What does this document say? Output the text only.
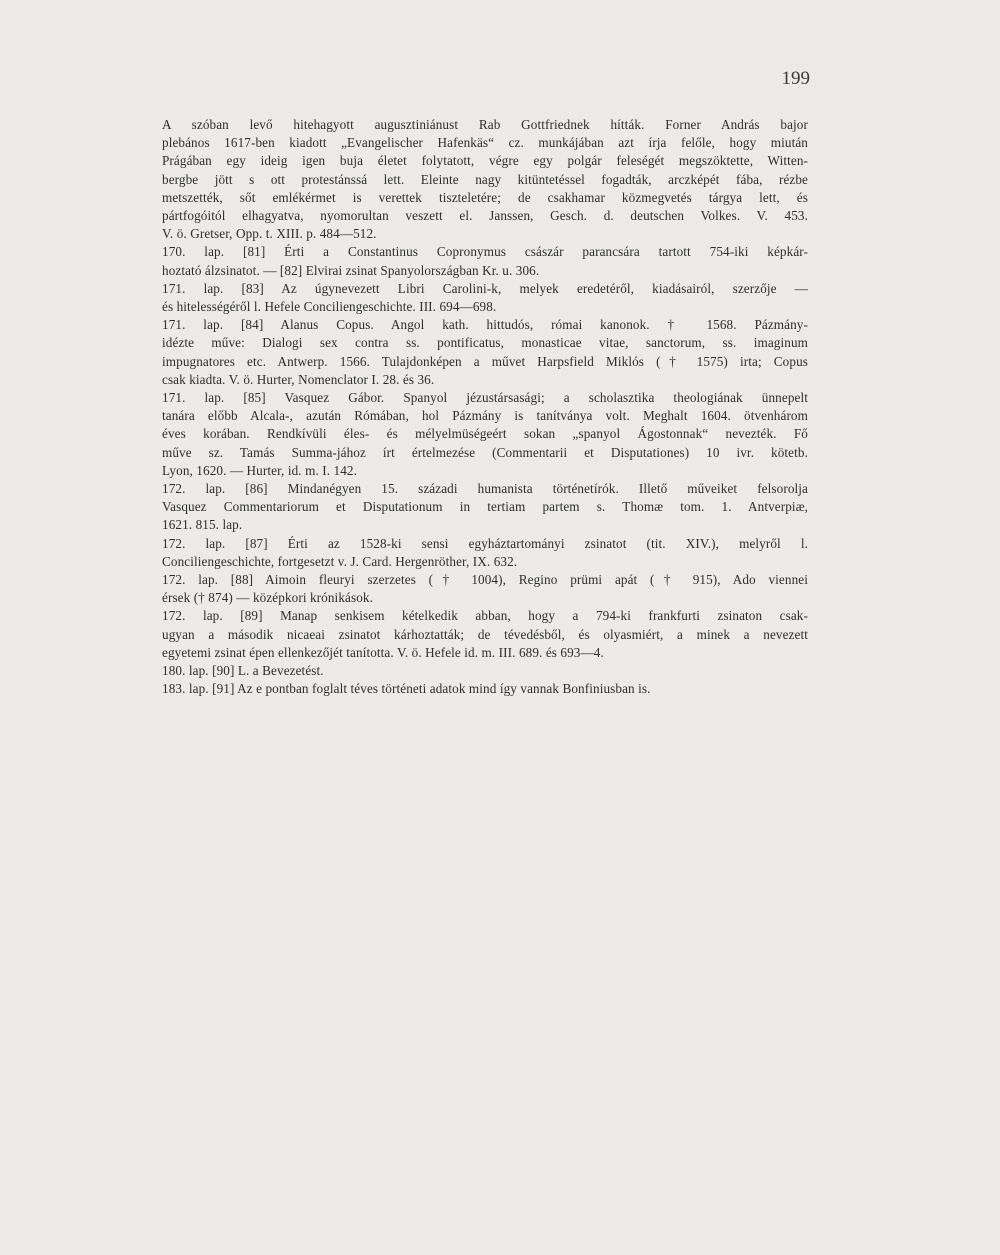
199
A szóban levő hitehagyott augusztiniánust Rab Gottfriednek hítták. Forner András bajor
plebános 1617-ben kiadott „Evangelischer Hafenkäs“ cz. munkájában azt írja felőle, hogy miután
Prágában egy ideig igen buja életet folytatott, végre egy polgár feleségét megszöktette, Witten-
bergbe jött s ott protestánssá lett. Eleinte nagy kitüntetéssel fogadták, arczképét fába, rézbe
metszették, sőt emlékérmet is verettek tiszteletére; de csakhamar közmegvetés tárgya lett, és
pártfogóitól elhagyatva, nyomorultan veszett el. Janssen, Gesch. d. deutschen Volkes. V. 453.
V. ö. Gretser, Opp. t. XIII. p. 484—512.
170. lap. [81] Érti a Constantinus Copronymus császár parancsára tartott 754-iki képkár-
hoztató álzsinatot. — [82] Elvirai zsinat Spanyolországban Kr. u. 306.
171. lap. [83] Az úgynevezett Libri Carolini-k, melyek eredetéről, kiadásairól, szerzője —
és hitelességéről l. Hefele Conciliengeschichte. III. 694—698.
171. lap. [84] Alanus Copus. Angol kath. hittudós, római kanonok. † 1568. Pázmány-
idézte műve: Dialogi sex contra ss. pontificatus, monasticae vitae, sanctorum, ss. imaginum
impugnatores etc. Antwerp. 1566. Tulajdonképen a művet Harpsfield Miklós († 1575) irta; Copus
csak kiadta. V. ö. Hurter, Nomenclator I. 28. és 36.
171. lap. [85] Vasquez Gábor. Spanyol jézustársasági; a scholasztika theologiának ünnepelt
tanára előbb Alcala-, azután Rómában, hol Pázmány is tanítványa volt. Meghalt 1604. ötvenhárom
éves korában. Rendkívüli éles- és mélyelmüségeért sokan „spanyol Ágostonnak“ nevezték. Fő
műve sz. Tamás Summa-jához írt értelmezése (Commentarii et Disputationes) 10 ivr. kötetb.
Lyon, 1620. — Hurter, id. m. I. 142.
172. lap. [86] Mindanégyen 15. századi humanista történetírók. Illető műveiket felsorolja
Vasquez Commentariorum et Disputationum in tertiam partem s. Thomæ tom. 1. Antverpiæ,
1621. 815. lap.
172. lap. [87] Érti az 1528-ki sensi egyháztartományi zsinatot (tit. XIV.), melyről l.
Conciliengeschichte, fortgesetzt v. J. Card. Hergenröther, IX. 632.
172. lap. [88] Aimoin fleuryi szerzetes († 1004), Regino prümi apát († 915), Ado viennei
érsek († 874) — középkori krónikások.
172. lap. [89] Manap senkisem kételkedik abban, hogy a 794-ki frankfurti zsinaton csak-
ugyan a második nicaeai zsinatot kárhoztatták; de tévedésből, és olyasmiért, a minek a nevezett
egyetemi zsinat épen ellenkezőjét tanította. V. ö. Hefele id. m. III. 689. és 693—4.
180. lap. [90] L. a Bevezetést.
183. lap. [91] Az e pontban foglalt téves történeti adatok mind így vannak Bonfiniusban is.
